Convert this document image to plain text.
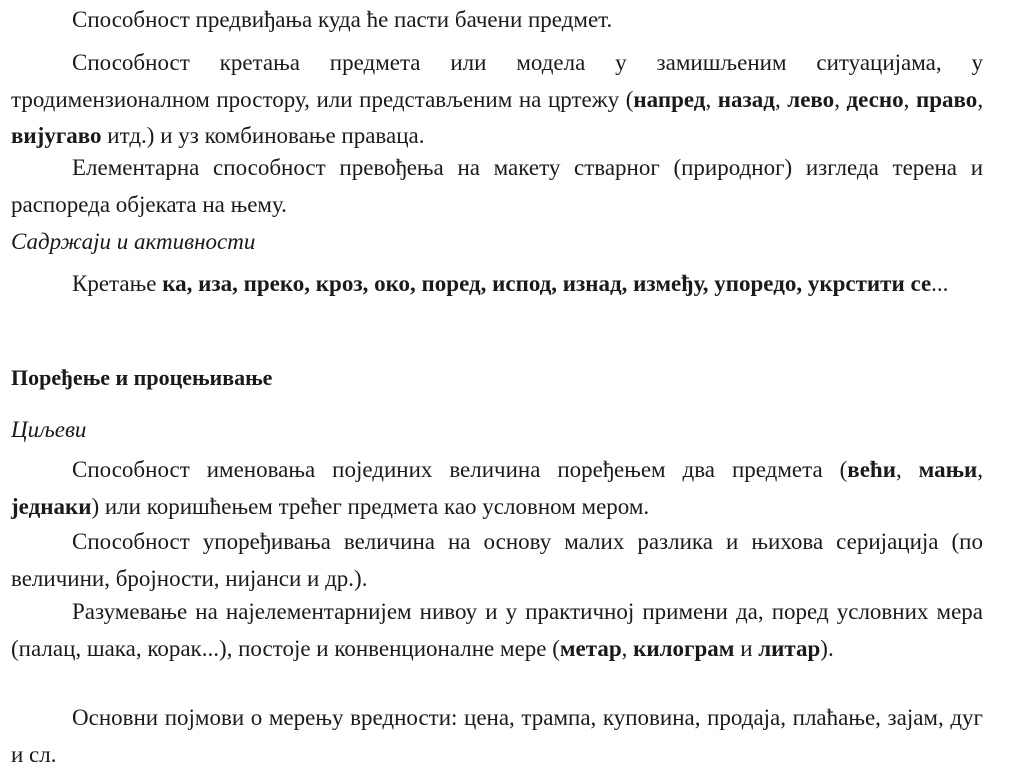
Способност предвиђања куда ће пасти бачени предмет.

Способност кретања предмета или модела у замишљеним ситуацијама, у тродимензионалном простору, или представљеним на цртежу (напред, назад, лево, десно, право, вијугаво итд.) и уз комбиновање праваца.

Елементарна способност превођења на макету стварног (природног) изгледа терена и распореда објеката на њему.

Садржаји и активности

Кретање ка, иза, преко, кроз, око, поред, испод, изнад, између, упоредо, укрстити се...

Поређење и процењивање

Циљеви

Способност именовања појединих величина поређењем два предмета (већи, мањи, једнаки) или коришћењем трећег предмета као условном мером.

Способност упоређивања величина на основу малих разлика и њихова серијација (по величини, бројности, нијанси и др.).

Разумевање на најелементарнијем нивоу и у практичној примени да, поред условних мера (палац, шака, корак...), постоје и конвенционалне мере (метар, килограм и литар).

Основни појмови о мерењу вредности: цена, трампа, куповина, продаја, плаћање, зајам, дуг и сл.
